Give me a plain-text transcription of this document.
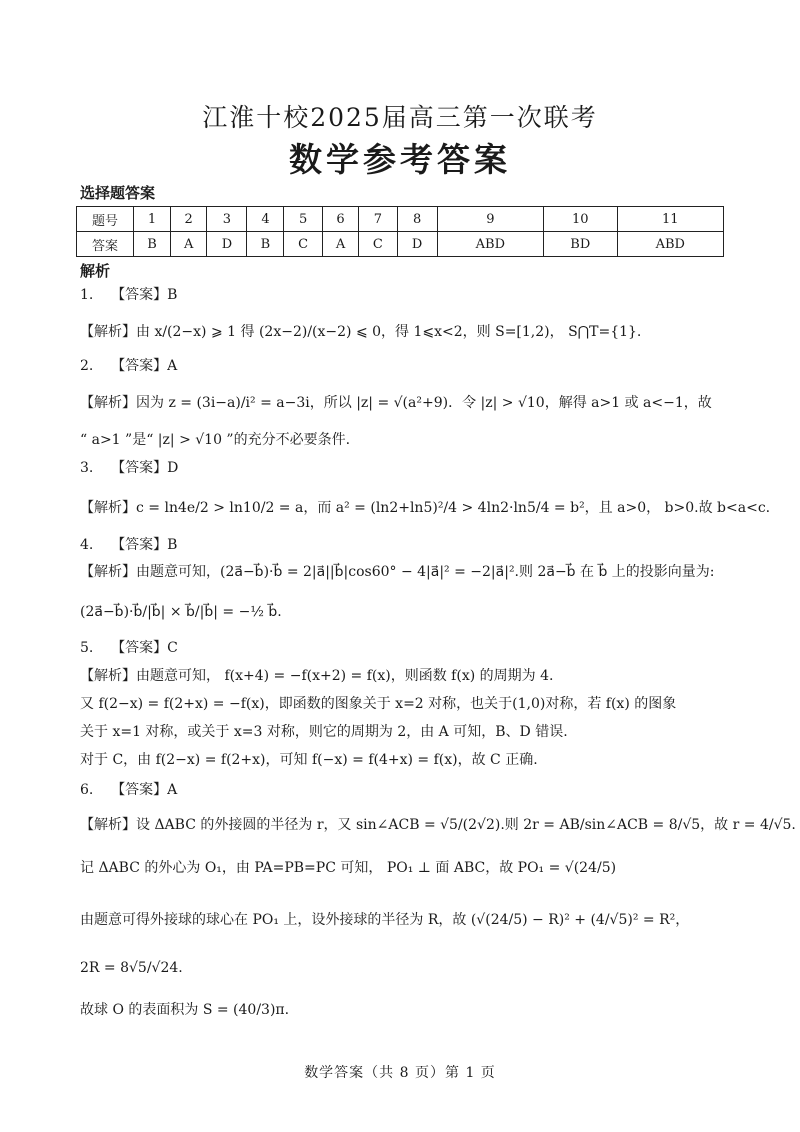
江淮十校2025届高三第一次联考
数学参考答案
选择题答案
题号	1	2	3	4	5	6	7	8	9	10	11
答案	B	A	D	B	C	A	C	D	ABD	BD	ABD
解析
1. 【答案】B
【解析】由 x/(2−x) ⩾ 1 得 (2x−2)/(x−2) ⩽ 0，得 1⩽x<2，则 S=[1,2)， S⋂T={1}.
2. 【答案】A
【解析】因为 z = (3i−a)/i² = a−3i，所以 |z| = √(a²+9)．令 |z| > √10，解得 a>1 或 a<−1，故
“ a>1 ”是“ |z| > √10 ”的充分不必要条件.
3. 【答案】D
【解析】c = ln4e/2 > ln10/2 = a，而 a² = (ln2+ln5)²/4 > 4ln2·ln5/4 = b²，且 a>0， b>0.故 b<a<c.
4. 【答案】B
【解析】由题意可知，(2a⃗−b⃗)·b⃗ = 2|a⃗||b⃗|cos60° − 4|a⃗|² = −2|a⃗|².则 2a⃗−b⃗ 在 b⃗ 上的投影向量为:
(2a⃗−b⃗)·b⃗/|b⃗| × b⃗/|b⃗| = −½ b⃗.
5. 【答案】C
【解析】由题意可知， f(x+4) = −f(x+2) = f(x)，则函数 f(x) 的周期为 4.
又 f(2−x) = f(2+x) = −f(x)，即函数的图象关于 x=2 对称，也关于(1,0)对称，若 f(x) 的图象
关于 x=1 对称，或关于 x=3 对称，则它的周期为 2，由 A 可知，B、D 错误.
对于 C，由 f(2−x) = f(2+x)，可知 f(−x) = f(4+x) = f(x)，故 C 正确.
6. 【答案】A
【解析】设 ΔABC 的外接圆的半径为 r，又 sin∠ACB = √5/(2√2).则 2r = AB/sin∠ACB = 8/√5，故 r = 4/√5.
记 ΔABC 的外心为 O₁，由 PA=PB=PC 可知， PO₁ ⊥ 面 ABC，故 PO₁ = √(24/5)
由题意可得外接球的球心在 PO₁ 上，设外接球的半径为 R，故 (√(24/5) − R)² + (4/√5)² = R²，
2R = 8√5/√24.
故球 O 的表面积为 S = (40/3)π.
数学答案（共 8 页）第 1 页
